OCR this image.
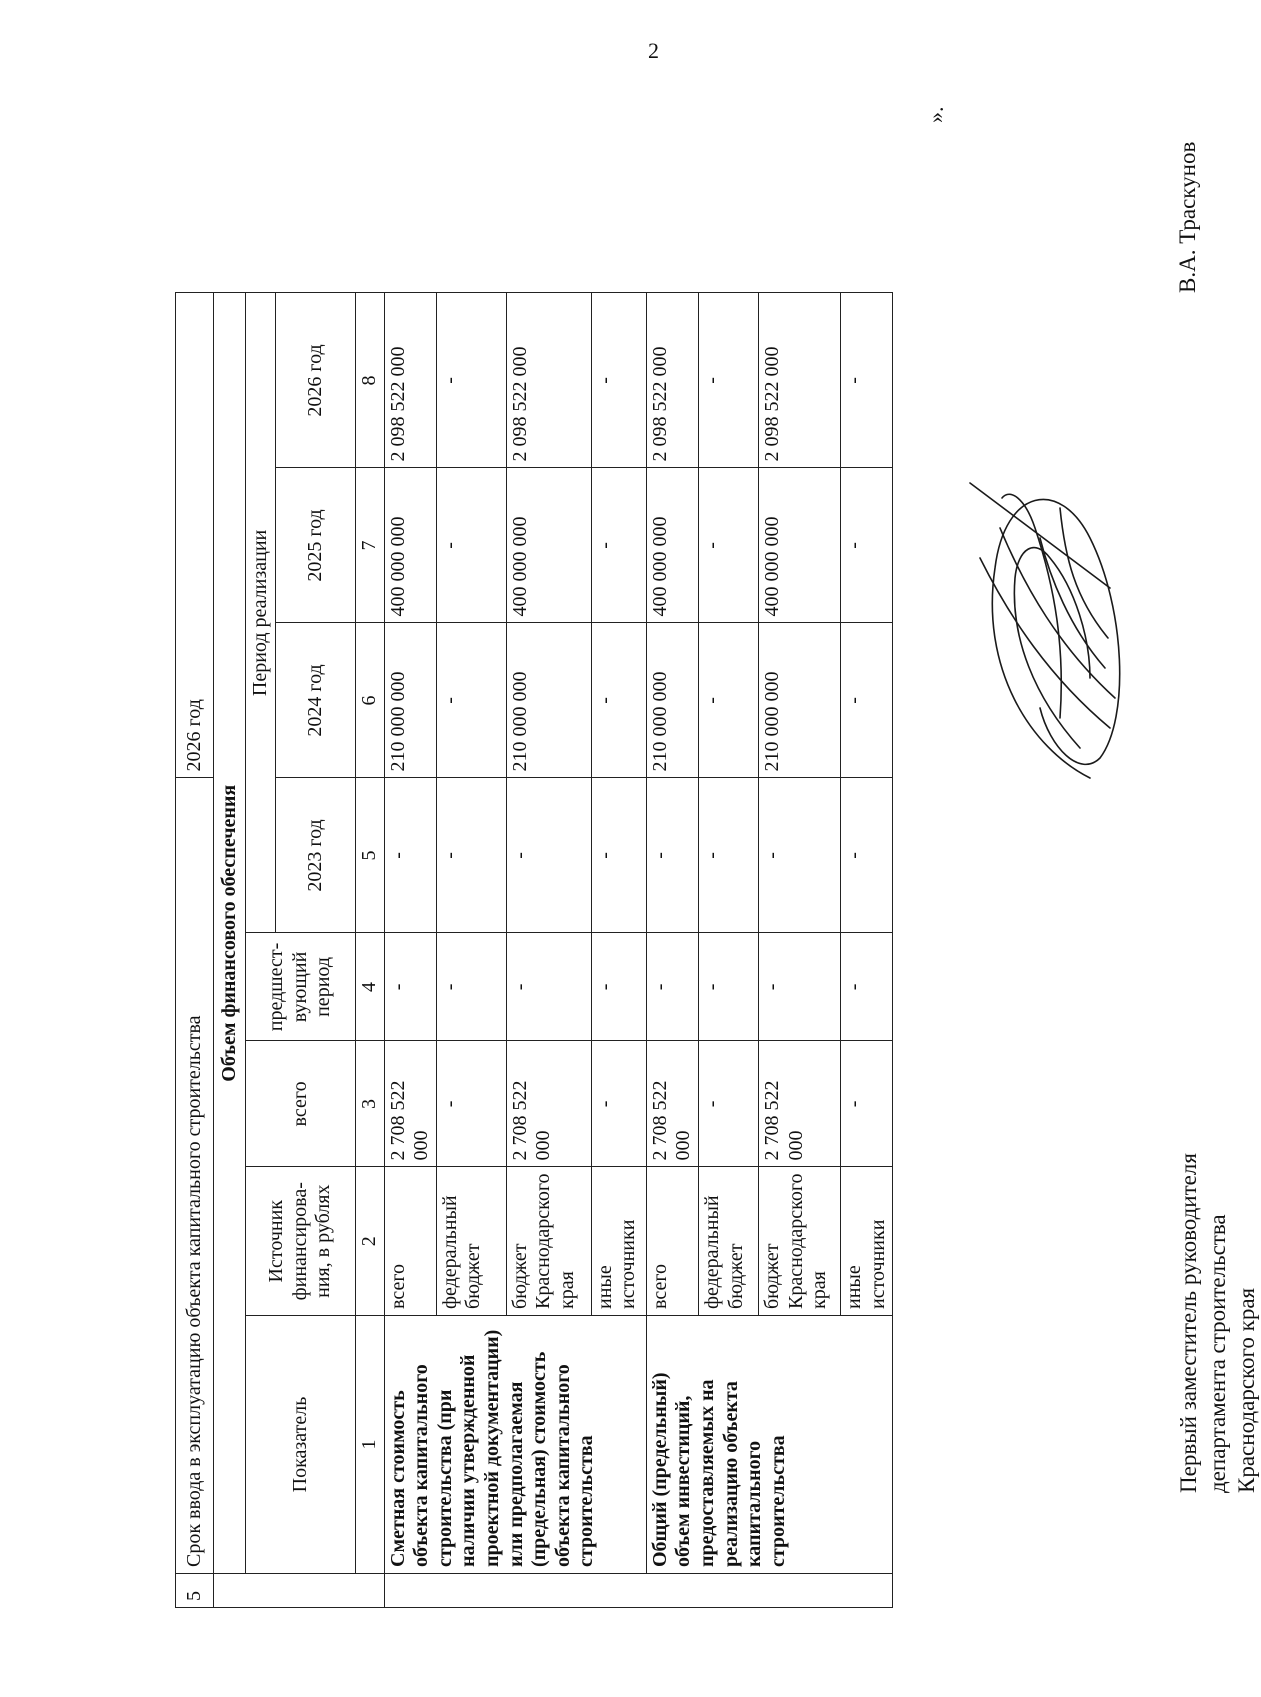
2
5	Срок ввода в эксплуатацию объекта капитального строительства					2026 год		
	Объем финансового обеспечения							
	Показатель	Источник финансирова-ния, в рублях	всего	предшест-вующий период	Период реализации			
					2023 год	2024 год	2025 год	2026 год
	1	2	3	4	5	6	7	8
	Сметная стоимость объекта капитального строительства (при наличии утвержденной проектной документации) или предполагаемая (предельная) стоимость объекта капитального строительства	всего	2 708 522 000	-	-	210 000 000	400 000 000	2 098 522 000
		федеральный бюджет	-	-	-	-	-	-
		бюджет Краснодарского края	2 708 522 000	-	-	210 000 000	400 000 000	2 098 522 000
		иные источники	-	-	-	-	-	-
	Общий (предельный) объем инвестиций, предоставляемых на реализацию объекта капитального строительства	всего	2 708 522 000	-	-	210 000 000	400 000 000	2 098 522 000
		федеральный бюджет	-	-	-	-	-	-
		бюджет Краснодарского края	2 708 522 000	-	-	210 000 000	400 000 000	2 098 522 000
		иные источники	-	-	-	-	-	-
».
Первый заместитель руководителя департамента строительства Краснодарского края
В.А. Траскунов
